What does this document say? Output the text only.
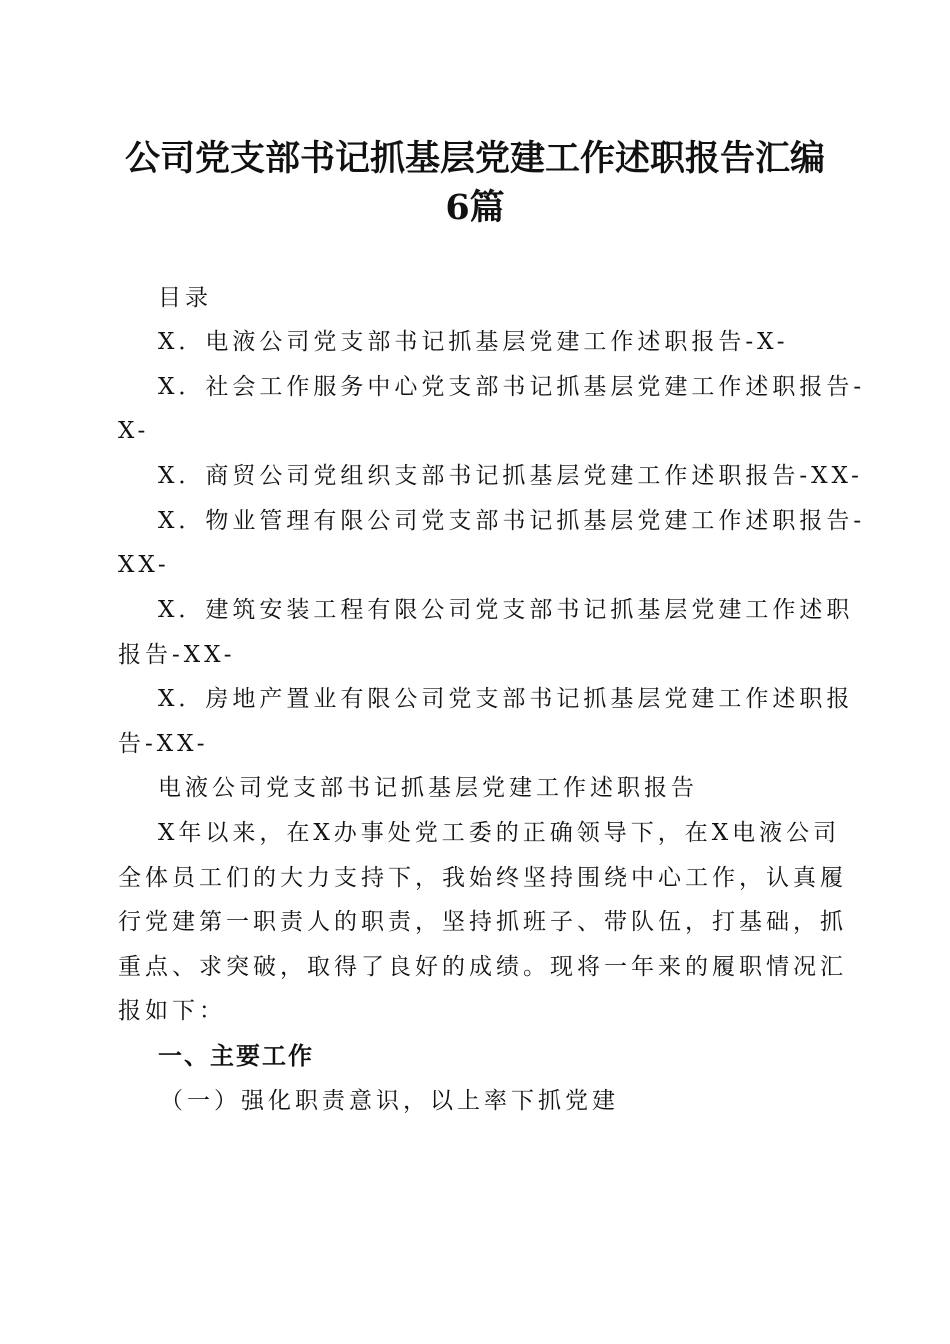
公司党支部书记抓基层党建工作述职报告汇编
6篇
目录
X．电液公司党支部书记抓基层党建工作述职报告-X-
X．社会工作服务中心党支部书记抓基层党建工作述职报告-
X-
X．商贸公司党组织支部书记抓基层党建工作述职报告-XX-
X．物业管理有限公司党支部书记抓基层党建工作述职报告-
XX-
X．建筑安装工程有限公司党支部书记抓基层党建工作述职
报告-XX-
X．房地产置业有限公司党支部书记抓基层党建工作述职报
告-XX-
电液公司党支部书记抓基层党建工作述职报告
X年以来，在X办事处党工委的正确领导下，在X电液公司
全体员工们的大力支持下，我始终坚持围绕中心工作，认真履
行党建第一职责人的职责，坚持抓班子、带队伍，打基础，抓
重点、求突破，取得了良好的成绩。现将一年来的履职情况汇
报如下：
一、主要工作
（一）强化职责意识，以上率下抓党建
